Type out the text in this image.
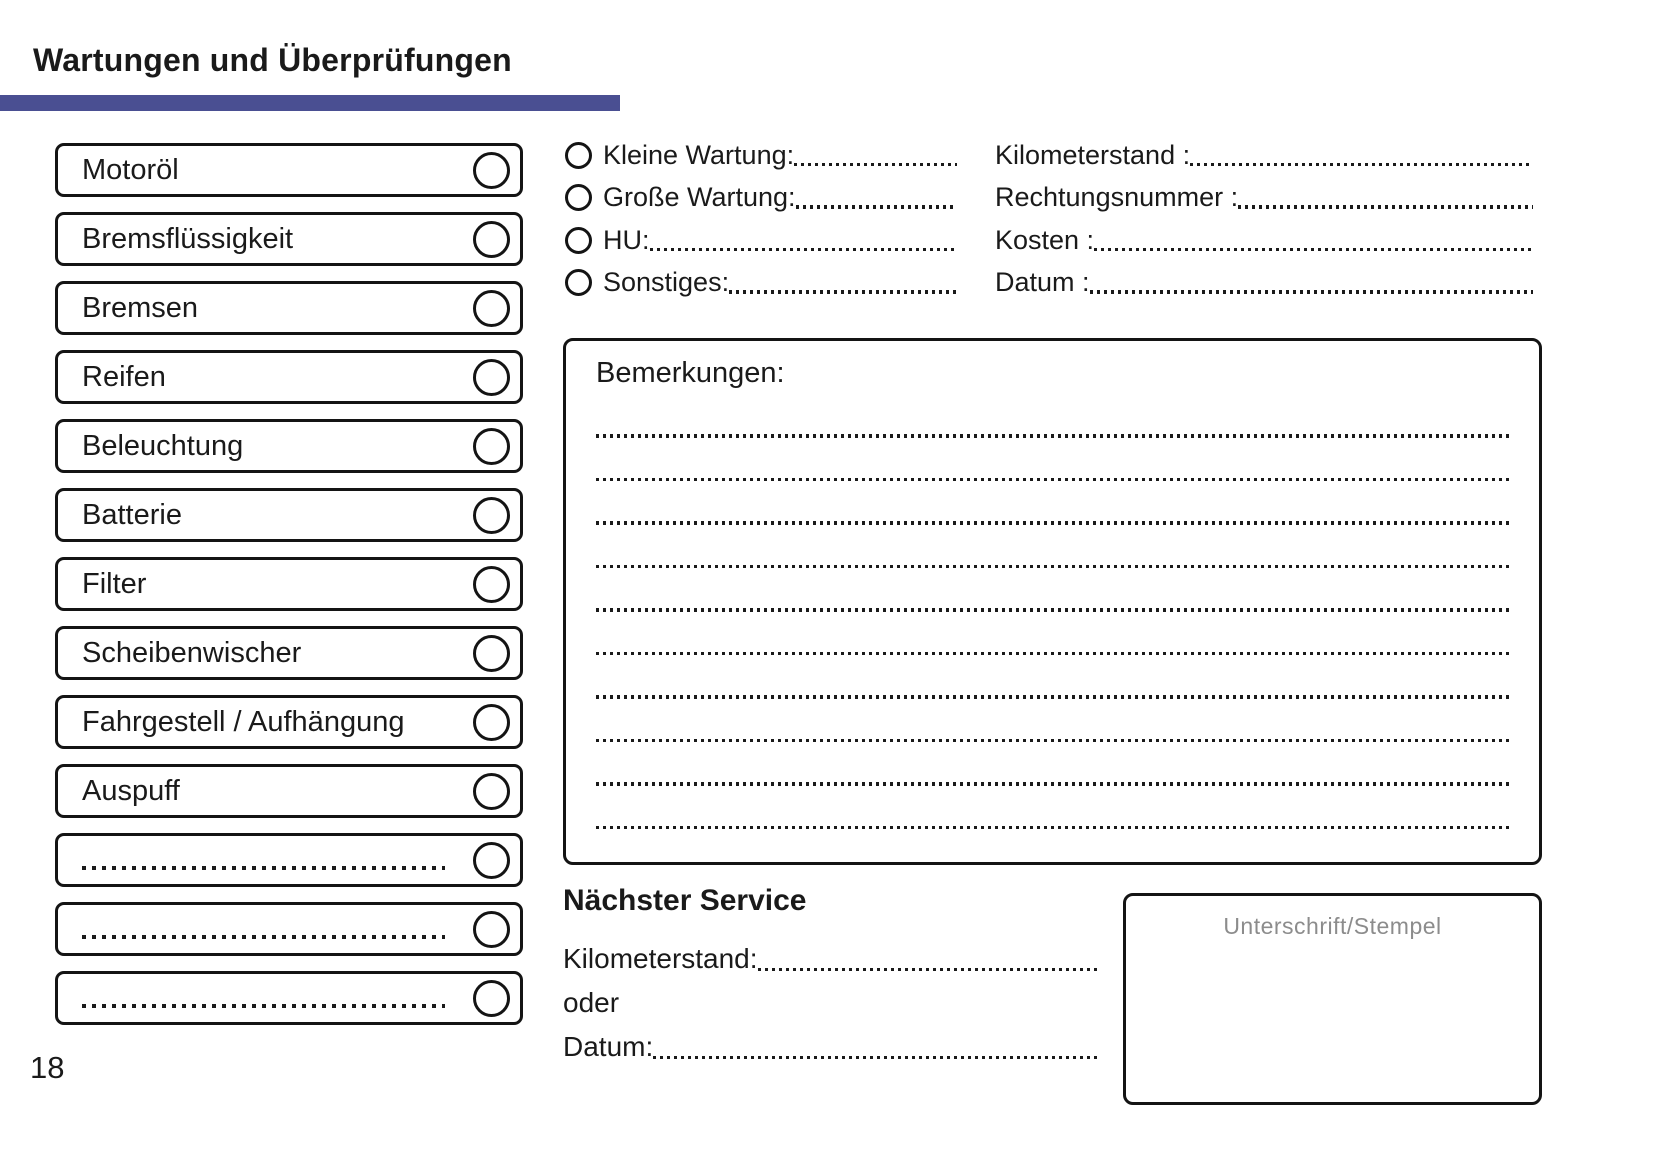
Wartungen und Überprüfungen
Motoröl
Bremsflüssigkeit
Bremsen
Reifen
Beleuchtung
Batterie
Filter
Scheibenwischer
Fahrgestell / Aufhängung
Auspuff
Kleine Wartung:
Große Wartung:
HU:
Sonstiges:
Kilometerstand :
Rechtungsnummer :
Kosten :
Datum :
Bemerkungen:
Nächster Service
Kilometerstand:
oder
Datum:
Unterschrift/Stempel
18
